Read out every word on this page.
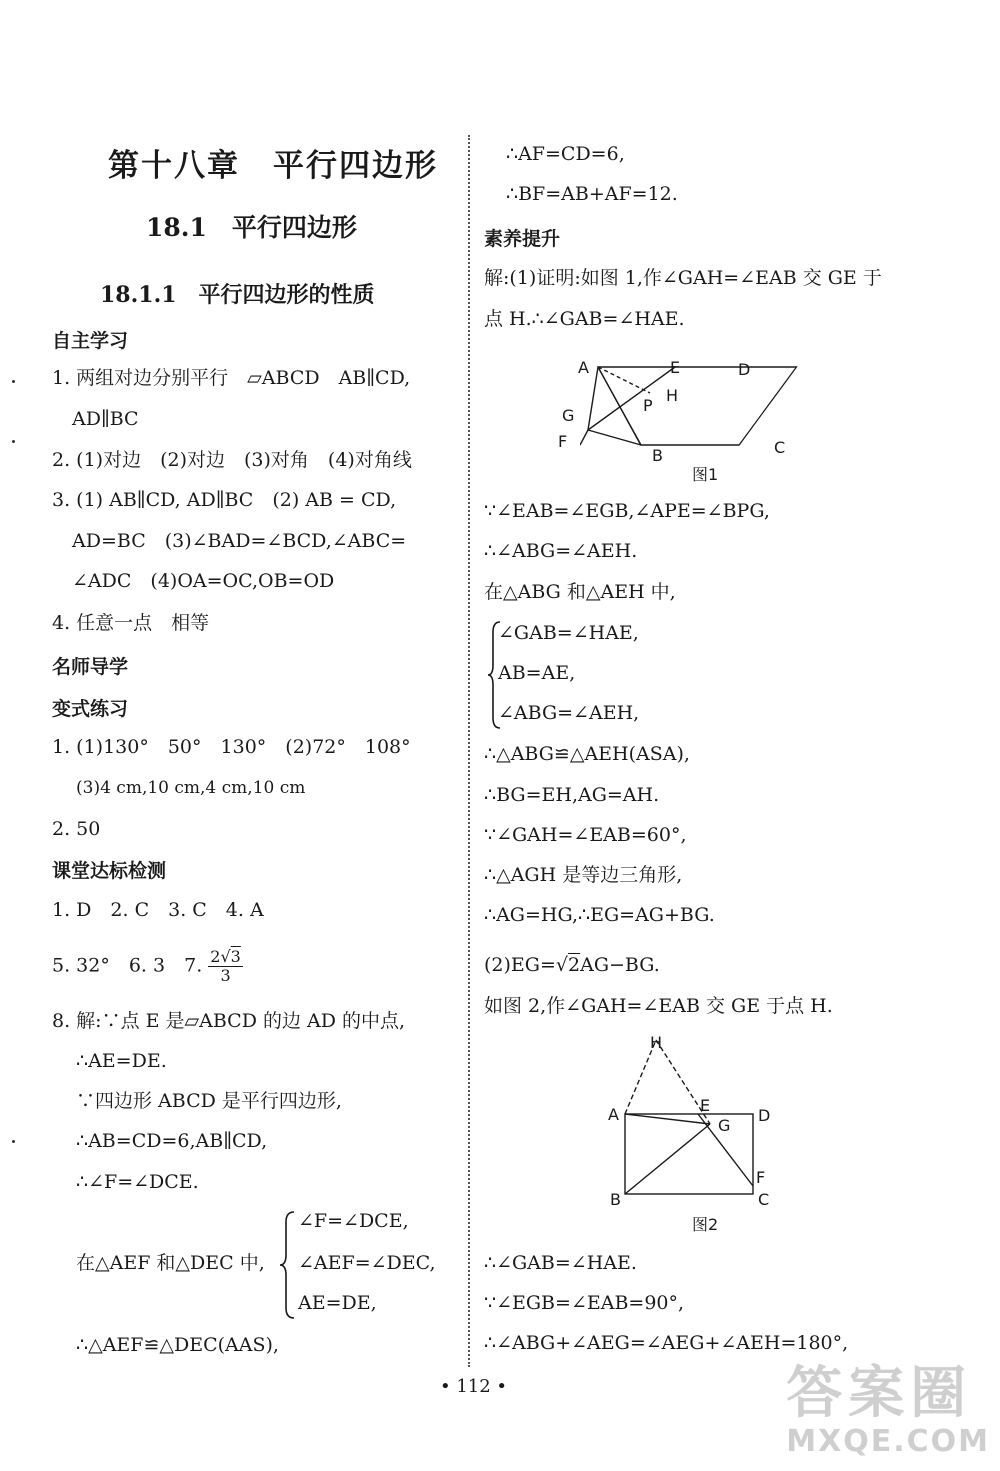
第十八章　平行四边形
18.1　平行四边形
18.1.1　平行四边形的性质
自主学习
1. 两组对边分别平行　▱ABCD　AB∥CD,
AD∥BC
2. (1)对边　(2)对边　(3)对角　(4)对角线
3. (1) AB∥CD, AD∥BC　(2) AB = CD,
AD=BC　(3)∠BAD=∠BCD,∠ABC=
∠ADC　(4)OA=OC,OB=OD
4. 任意一点　相等
名师导学
变式练习
1. (1)130°　50°　130°　(2)72°　108°
(3)4 cm,10 cm,4 cm,10 cm
2. 50
课堂达标检测
1. D　2. C　3. C　4. A
5. 32°　6. 3　7. $\frac{2√3}{3}$
8. 解:∵点 E 是▱ABCD 的边 AD 的中点,
∴AE=DE.
∵四边形 ABCD 是平行四边形,
∴AB=CD=6,AB∥CD,
∴∠F=∠DCE.
在△AEF 和△DEC 中,
∠F=∠DCE,
∠AEF=∠DEC,
AE=DE,
∴△AEF≌△DEC(AAS),
∴AF=CD=6,
∴BF=AB+AF=12.
素养提升
解:(1)证明:如图 1,作∠GAH=∠EAB 交 GE 于
点 H.∴∠GAB=∠HAE.
E
A	D
H
P
G
F
B	C
图1
∵∠EAB=∠EGB,∠APE=∠BPG,
∴∠ABG=∠AEH.
在△ABG 和△AEH 中,
∠GAB=∠HAE,
AB=AE,
∠ABG=∠AEH,
∴△ABG≌△AEH(ASA),
∴BG=EH,AG=AH.
∵∠GAH=∠EAB=60°,
∴△AGH 是等边三角形,
∴AG=HG,∴EG=AG+BG.
(2)EG=√2AG−BG.
如图 2,作∠GAH=∠EAB 交 GE 于点 H.
H
A	E
D
G
F
B	C
图2
∴∠GAB=∠HAE.
∵∠EGB=∠EAB=90°,
∴∠ABG+∠AEG=∠AEG+∠AEH=180°,
• 112 •	答案圈
MXQE.COM
